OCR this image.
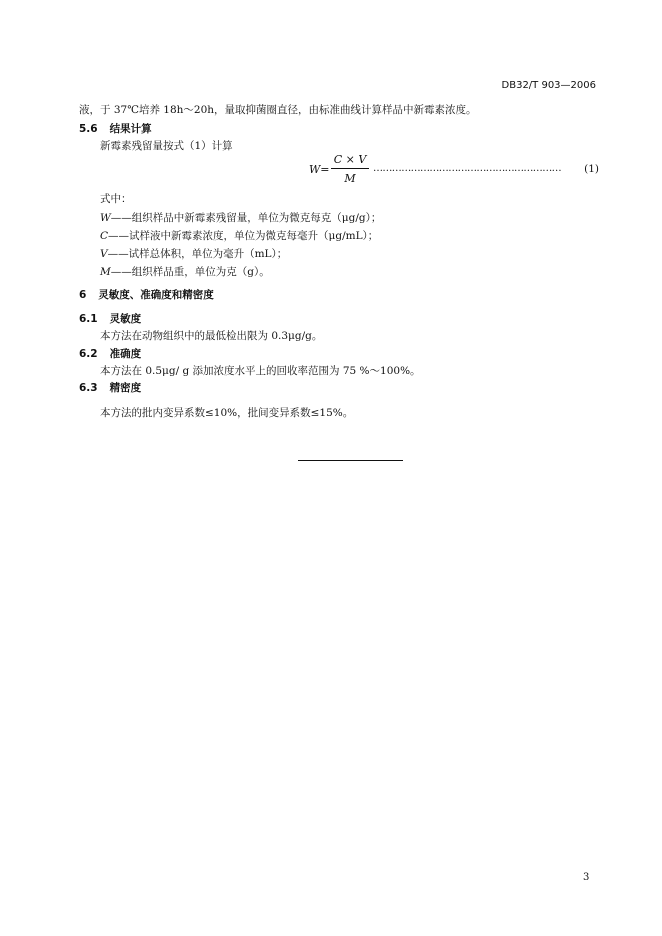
DB32/T 903—2006
液，于 37℃培养 18h～20h，量取抑菌圈直径，由标准曲线计算样品中新霉素浓度。
5.6 结果计算
新霉素残留量按式（1）计算
W=
C × V
M
…………………………………………………… (1)
式中：
W——组织样品中新霉素残留量，单位为微克每克（μg/g）；
C——试样液中新霉素浓度，单位为微克每毫升（μg/mL）；
V——试样总体积，单位为毫升（mL）；
M——组织样品重，单位为克（g）。
6 灵敏度、准确度和精密度
6.1 灵敏度
本方法在动物组织中的最低检出限为 0.3μg/g。
6.2 准确度
本方法在 0.5μg/ g 添加浓度水平上的回收率范围为 75 %～100%。
6.3 精密度
本方法的批内变异系数≤10%，批间变异系数≤15%。
3
